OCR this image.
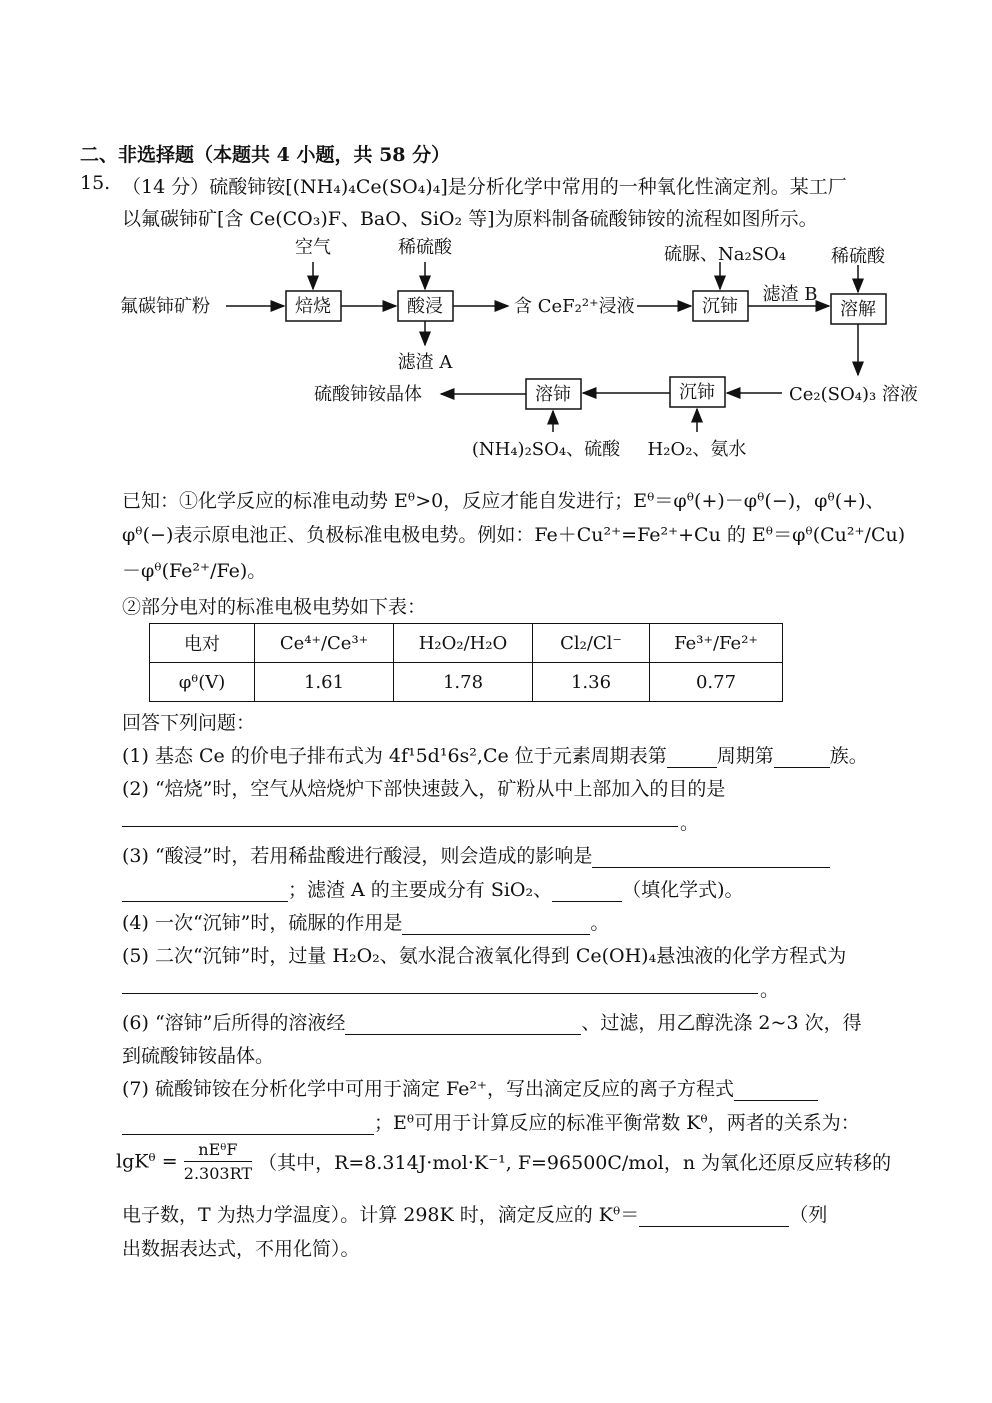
二、非选择题（本题共 4 小题，共 58 分）
15. （14 分）硫酸铈铵[(NH₄)₄Ce(SO₄)₄]是分析化学中常用的一种氧化性滴定剂。某工厂
以氟碳铈矿[含 Ce(CO₃)F、BaO、SiO₂ 等]为原料制备硫酸铈铵的流程如图所示。
氟碳铈矿粉
空气
焙烧
稀硫酸
酸浸
滤渣 A
含 CeF₂²⁺浸液
硫脲、Na₂SO₄
沉铈
滤渣 B
稀硫酸
溶解
Ce₂(SO₄)₃ 溶液
沉铈
H₂O₂、氨水
溶铈
(NH₄)₂SO₄、硫酸
硫酸铈铵晶体
已知：①化学反应的标准电动势 Eᶿ>0，反应才能自发进行；Eᶿ＝φᶿ(+)－φᶿ(−)，φᶿ(+)、
φᶿ(−)表示原电池正、负极标准电极电势。例如：Fe＋Cu²⁺=Fe²⁺+Cu 的 Eᶿ＝φᶿ(Cu²⁺/Cu)
－φᶿ(Fe²⁺/Fe)。
②部分电对的标准电极电势如下表：
电对	Ce⁴⁺/Ce³⁺	H₂O₂/H₂O	Cl₂/Cl⁻	Fe³⁺/Fe²⁺
φᶿ(V)	1.61	1.78	1.36	0.77
回答下列问题：
(1) 基态 Ce 的价电子排布式为 4f¹5d¹6s²,Ce 位于元素周期表第	周期第	族。
(2) “焙烧”时，空气从焙烧炉下部快速鼓入，矿粉从中上部加入的目的是
。
(3) “酸浸”时，若用稀盐酸进行酸浸，则会造成的影响是
；滤渣 A 的主要成分有 SiO₂、	（填化学式)。
(4) 一次“沉铈”时，硫脲的作用是	。
(5) 二次“沉铈”时，过量 H₂O₂、氨水混合液氧化得到 Ce(OH)₄悬浊液的化学方程式为
。
(6) “溶铈”后所得的溶液经	、过滤，用乙醇洗涤 2~3 次，得
到硫酸铈铵晶体。
(7) 硫酸铈铵在分析化学中可用于滴定 Fe²⁺，写出滴定反应的离子方程式
；Eᶿ可用于计算反应的标准平衡常数 Kᶿ，两者的关系为：
lgKᶿ = $\frac{\text{nEᶿF}}{2.303RT}$ （其中，R=8.314J·mol·K⁻¹, F=96500C/mol，n 为氧化还原反应转移的
电子数，T 为热力学温度）。计算 298K 时，滴定反应的 Kᶿ＝	（列
出数据表达式，不用化简）。
